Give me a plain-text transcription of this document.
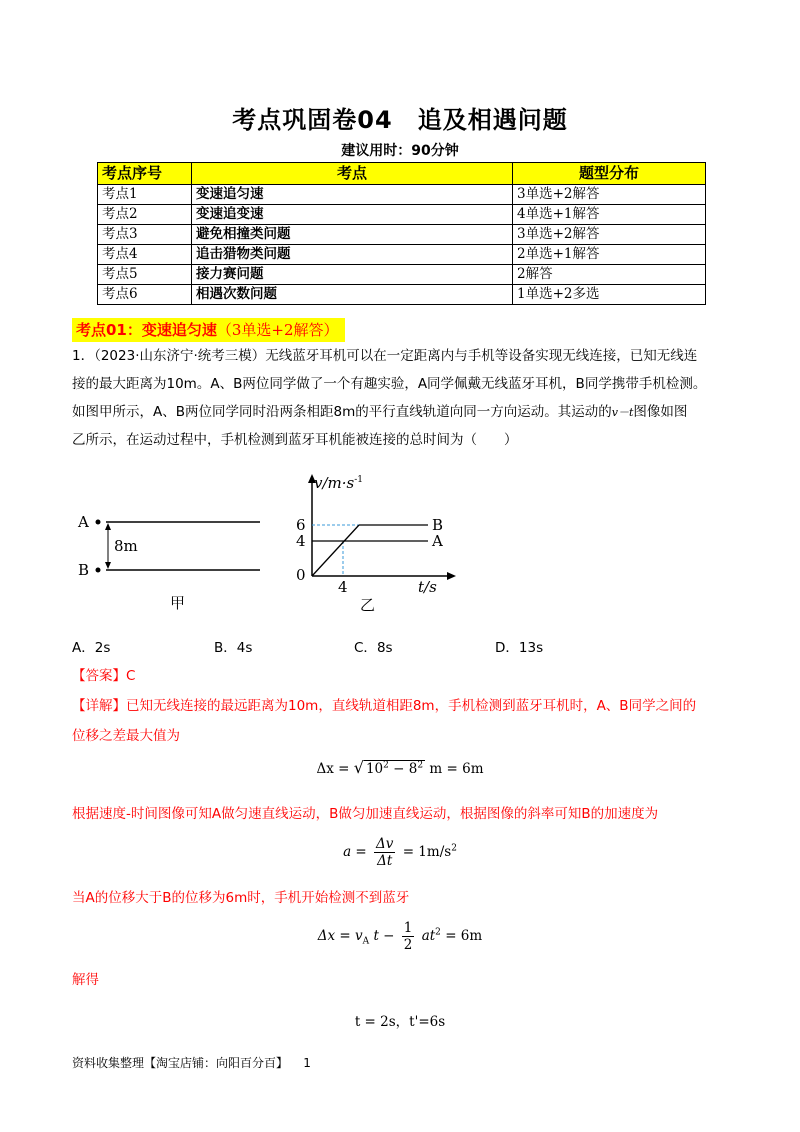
考点巩固卷04　追及相遇问题
建议用时：90分钟
考点序号	考点	题型分布
考点1	变速追匀速	3单选+2解答
考点2	变速追变速	4单选+1解答
考点3	避免相撞类问题	3单选+2解答
考点4	追击猎物类问题	2单选+1解答
考点5	接力赛问题	2解答
考点6	相遇次数问题	1单选+2多选
考点01：变速追匀速（3单选+2解答）
1．（2023·山东济宁·统考三模）无线蓝牙耳机可以在一定距离内与手机等设备实现无线连接，已知无线连
接的最大距离为10m。A、B两位同学做了一个有趣实验，A同学佩戴无线蓝牙耳机，B同学携带手机检测。
如图甲所示，A、B两位同学同时沿两条相距8m的平行直线轨道向同一方向运动。其运动的v－t图像如图
乙所示，在运动过程中，手机检测到蓝牙耳机能被连接的总时间为（　　）
A
B
8m
甲
$v/m\cdot s^{-1}$
6
4
0
4	t/s
B
A
乙
A．2s	B．4s	C．8s	D．13s
【答案】C
【详解】已知无线连接的最远距离为10m，直线轨道相距8m，手机检测到蓝牙耳机时，A、B同学之间的
位移之差最大值为
Δx = √ $10^2 - 8^2$ m = 6m
根据速度-时间图像可知A做匀速直线运动，B做匀加速直线运动，根据图像的斜率可知B的加速度为
$a = \frac{\Delta v}{\Delta t} = 1m/s^2$
当A的位移大于B的位移为6m时，手机开始检测不到蓝牙
$\Delta x = v_A$ $t - \frac{1}{2} at^2 = 6m$
解得
t = 2s，t'=6s
资料收集整理【淘宝店铺：向阳百分百】 1
